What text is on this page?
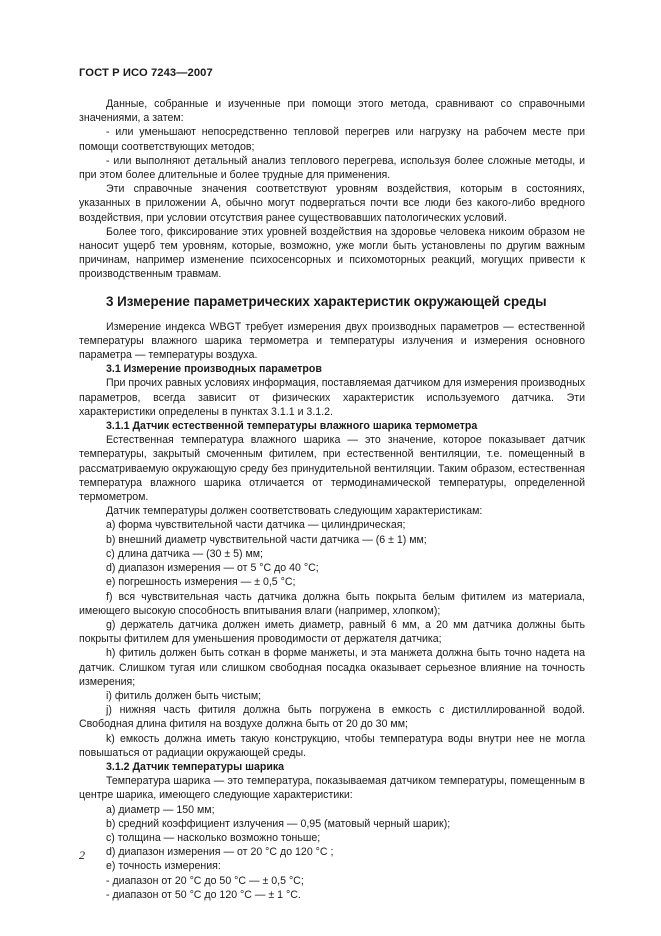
ГОСТ Р ИСО 7243—2007

Данные, собранные и изученные при помощи этого метода, сравнивают со справочными значениями, а затем:

- или уменьшают непосредственно тепловой перегрев или нагрузку на рабочем месте при помощи соответствующих методов;

- или выполняют детальный анализ теплового перегрева, используя более сложные методы, и при этом более длительные и более трудные для применения.

Эти справочные значения соответствуют уровням воздействия, которым в состояниях, указанных в приложении А, обычно могут подвергаться почти все люди без какого-либо вредного воздействия, при условии отсутствия ранее существовавших патологических условий.

Более того, фиксирование этих уровней воздействия на здоровье человека никоим образом не наносит ущерб тем уровням, которые, возможно, уже могли быть установлены по другим важным причинам, например изменение психосенсорных и психомоторных реакций, могущих привести к производственным травмам.

3 Измерение параметрических характеристик окружающей среды

Измерение индекса WBGT требует измерения двух производных параметров — естественной температуры влажного шарика термометра и температуры излучения и измерения основного параметра — температуры воздуха.

3.1 Измерение производных параметров

При прочих равных условиях информация, поставляемая датчиком для измерения производных параметров, всегда зависит от физических характеристик используемого датчика. Эти характеристики определены в пунктах 3.1.1 и 3.1.2.

3.1.1 Датчик естественной температуры влажного шарика термометра

Естественная температура влажного шарика — это значение, которое показывает датчик температуры, закрытый смоченным фитилем, при естественной вентиляции, т.е. помещенный в рассматриваемую окружающую среду без принудительной вентиляции. Таким образом, естественная температура влажного шарика отличается от термодинамической температуры, определенной термометром.

Датчик температуры должен соответствовать следующим характеристикам:

a) форма чувствительной части датчика — цилиндрическая;

b) внешний диаметр чувствительной части датчика — (6 ± 1) мм;

c) длина датчика — (30 ± 5) мм;

d) диапазон измерения — от 5 °C до 40 °C;

e) погрешность измерения — ± 0,5 °C;

f) вся чувствительная часть датчика должна быть покрыта белым фитилем из материала, имеющего высокую способность впитывания влаги (например, хлопком);

g) держатель датчика должен иметь диаметр, равный 6 мм, а 20 мм датчика должны быть покрыты фитилем для уменьшения проводимости от держателя датчика;

h) фитиль должен быть соткан в форме манжеты, и эта манжета должна быть точно надета на датчик. Слишком тугая или слишком свободная посадка оказывает серьезное влияние на точность измерения;

i) фитиль должен быть чистым;

j) нижняя часть фитиля должна быть погружена в емкость с дистиллированной водой. Свободная длина фитиля на воздухе должна быть от 20 до 30 мм;

k) емкость должна иметь такую конструкцию, чтобы температура воды внутри нее не могла повышаться от радиации окружающей среды.

3.1.2 Датчик температуры шарика

Температура шарика — это температура, показываемая датчиком температуры, помещенным в центре шарика, имеющего следующие характеристики:

a) диаметр — 150 мм;

b) средний коэффициент излучения — 0,95 (матовый черный шарик);

c) толщина — насколько возможно тоньше;

d) диапазон измерения — от 20 °C до 120 °C ;

e) точность измерения:

- диапазон от 20 °C до 50 °C — ± 0,5 °C;

- диапазон от 50 °C до 120 °C — ± 1 °C.

2
